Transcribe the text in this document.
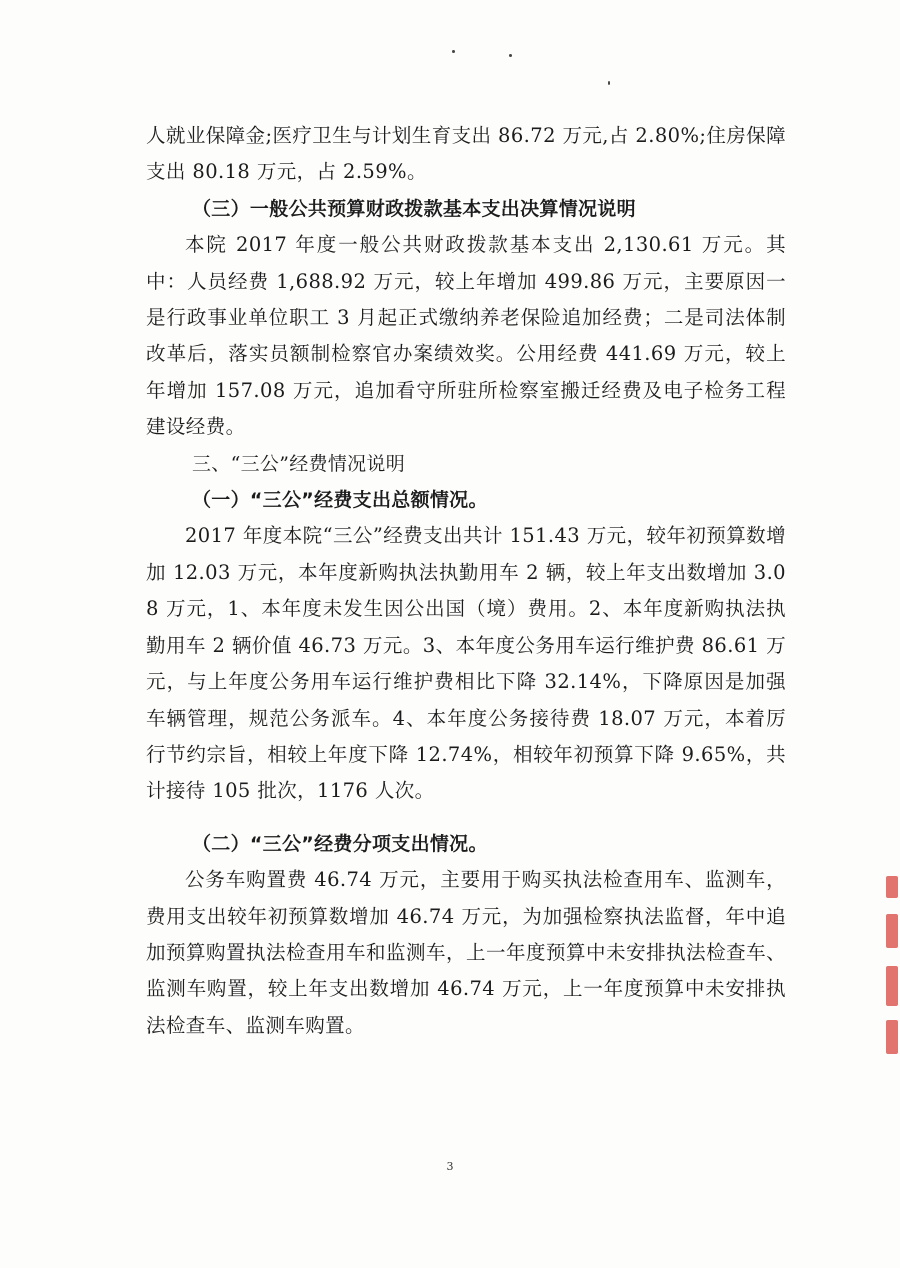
人就业保障金;医疗卫生与计划生育支出 86.72 万元,占 2.80%;住房保障支出 80.18 万元，占 2.59%。

（三）一般公共预算财政拨款基本支出决算情况说明

本院 2017 年度一般公共财政拨款基本支出 2,130.61 万元。其中：人员经费 1,688.92 万元，较上年增加 499.86 万元，主要原因一是行政事业单位职工 3 月起正式缴纳养老保险追加经费；二是司法体制改革后，落实员额制检察官办案绩效奖。公用经费 441.69 万元，较上年增加 157.08 万元，追加看守所驻所检察室搬迁经费及电子检务工程建设经费。

三、“三公”经费情况说明

（一）“三公”经费支出总额情况。

2017 年度本院“三公”经费支出共计 151.43 万元，较年初预算数增加 12.03 万元，本年度新购执法执勤用车 2 辆，较上年支出数增加 3.08 万元，1、本年度未发生因公出国（境）费用。2、本年度新购执法执勤用车 2 辆价值 46.73 万元。3、本年度公务用车运行维护费 86.61 万元，与上年度公务用车运行维护费相比下降 32.14%，下降原因是加强车辆管理，规范公务派车。4、本年度公务接待费 18.07 万元，本着厉行节约宗旨，相较上年度下降 12.74%，相较年初预算下降 9.65%，共计接待 105 批次，1176 人次。

（二）“三公”经费分项支出情况。

公务车购置费 46.74 万元，主要用于购买执法检查用车、监测车，费用支出较年初预算数增加 46.74 万元，为加强检察执法监督，年中追加预算购置执法检查用车和监测车，上一年度预算中未安排执法检查车、监测车购置，较上年支出数增加 46.74 万元，上一年度预算中未安排执法检查车、监测车购置。

3
